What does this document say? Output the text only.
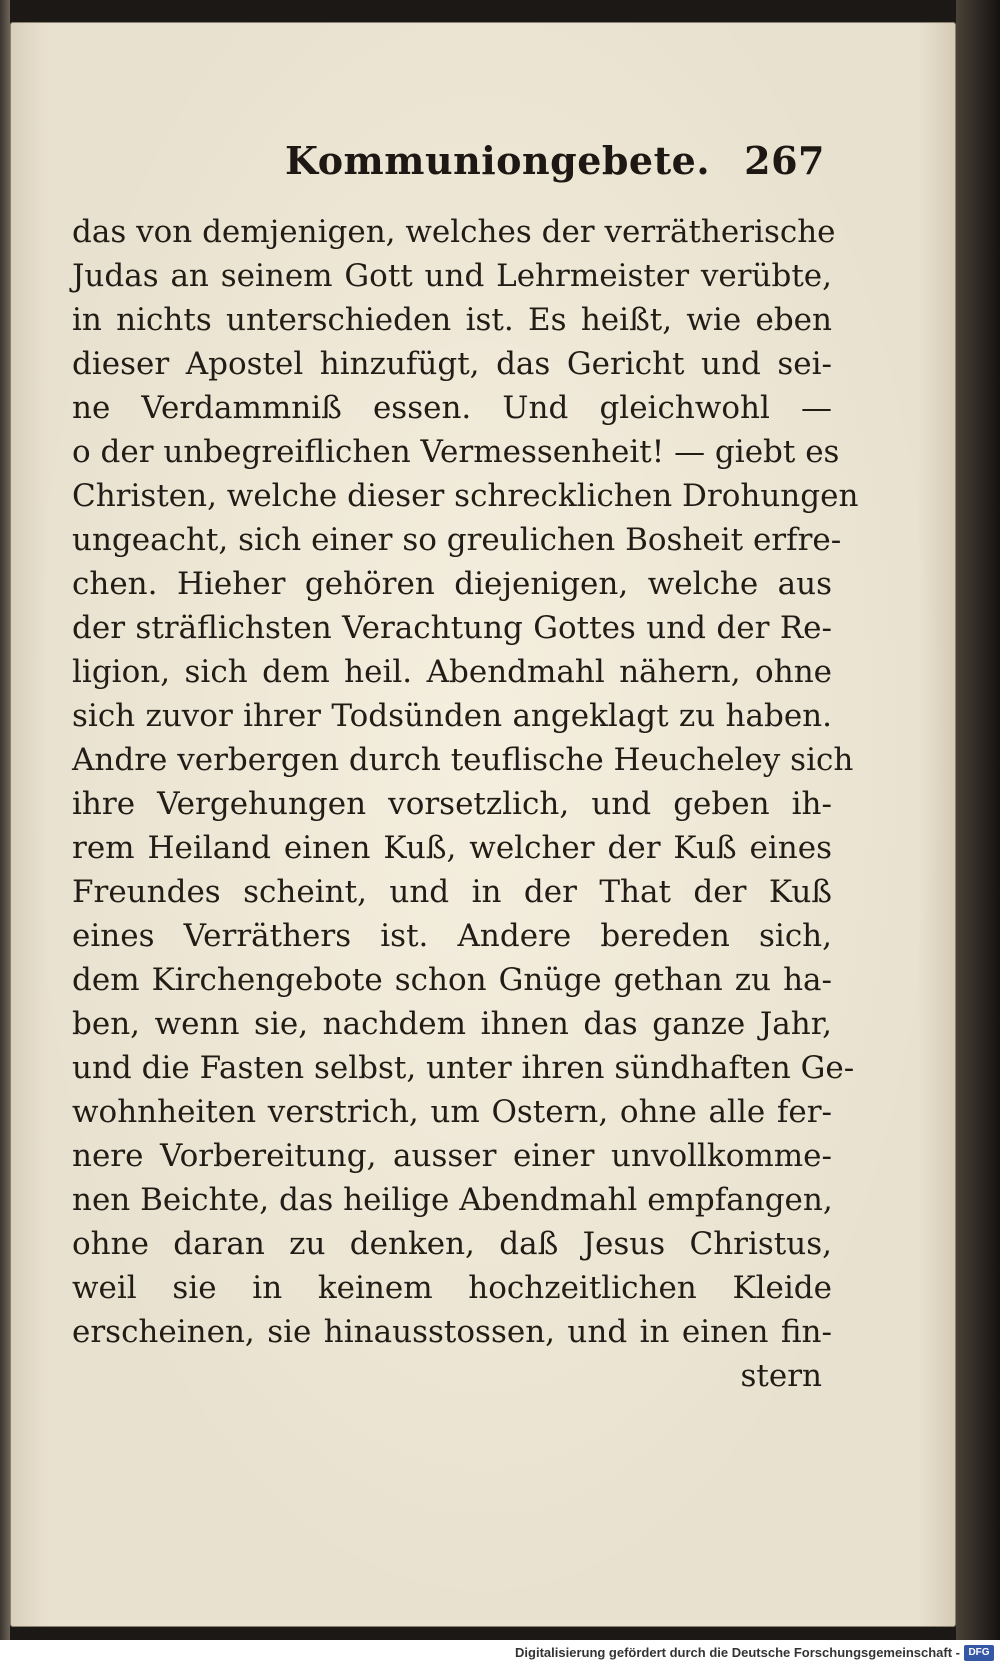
Kommuniongebete. 267
das von demjenigen, welches der verrätherische
Judas an seinem Gott und Lehrmeister verübte,
in nichts unterschieden ist. Es heißt, wie eben
dieser Apostel hinzufügt, das Gericht und sei-
ne Verdammniß essen. Und gleichwohl —
o der unbegreiflichen Vermessenheit! — giebt es
Christen, welche dieser schrecklichen Drohungen
ungeacht, sich einer so greulichen Bosheit erfre-
chen. Hieher gehören diejenigen, welche aus
der sträflichsten Verachtung Gottes und der Re-
ligion, sich dem heil. Abendmahl nähern, ohne
sich zuvor ihrer Todsünden angeklagt zu haben.
Andre verbergen durch teuflische Heucheley sich
ihre Vergehungen vorsetzlich, und geben ih-
rem Heiland einen Kuß, welcher der Kuß eines
Freundes scheint, und in der That der Kuß
eines Verräthers ist. Andere bereden sich,
dem Kirchengebote schon Gnüge gethan zu ha-
ben, wenn sie, nachdem ihnen das ganze Jahr,
und die Fasten selbst, unter ihren sündhaften Ge-
wohnheiten verstrich, um Ostern, ohne alle fer-
nere Vorbereitung, ausser einer unvollkomme-
nen Beichte, das heilige Abendmahl empfangen,
ohne daran zu denken, daß Jesus Christus,
weil sie in keinem hochzeitlichen Kleide
erscheinen, sie hinausstossen, und in einen fin-
stern
Digitalisierung gefördert durch die Deutsche Forschungsgemeinschaft - DFG
